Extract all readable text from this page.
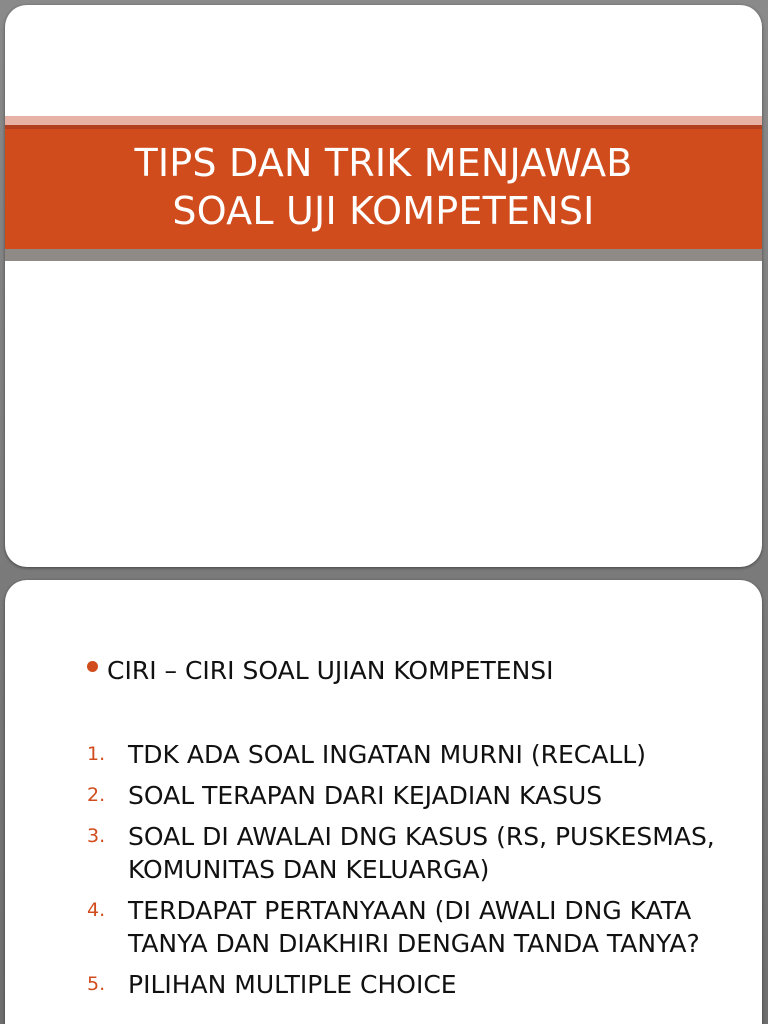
TIPS DAN TRIK MENJAWAB
SOAL UJI KOMPETENSI
CIRI – CIRI SOAL UJIAN KOMPETENSI
1. TDK ADA SOAL INGATAN MURNI (RECALL)
2. SOAL TERAPAN DARI KEJADIAN KASUS
3. SOAL DI AWALAI DNG KASUS (RS, PUSKESMAS, KOMUNITAS DAN KELUARGA)
4. TERDAPAT PERTANYAAN (DI AWALI DNG KATA TANYA DAN DIAKHIRI DENGAN TANDA TANYA?
5. PILIHAN MULTIPLE CHOICE
